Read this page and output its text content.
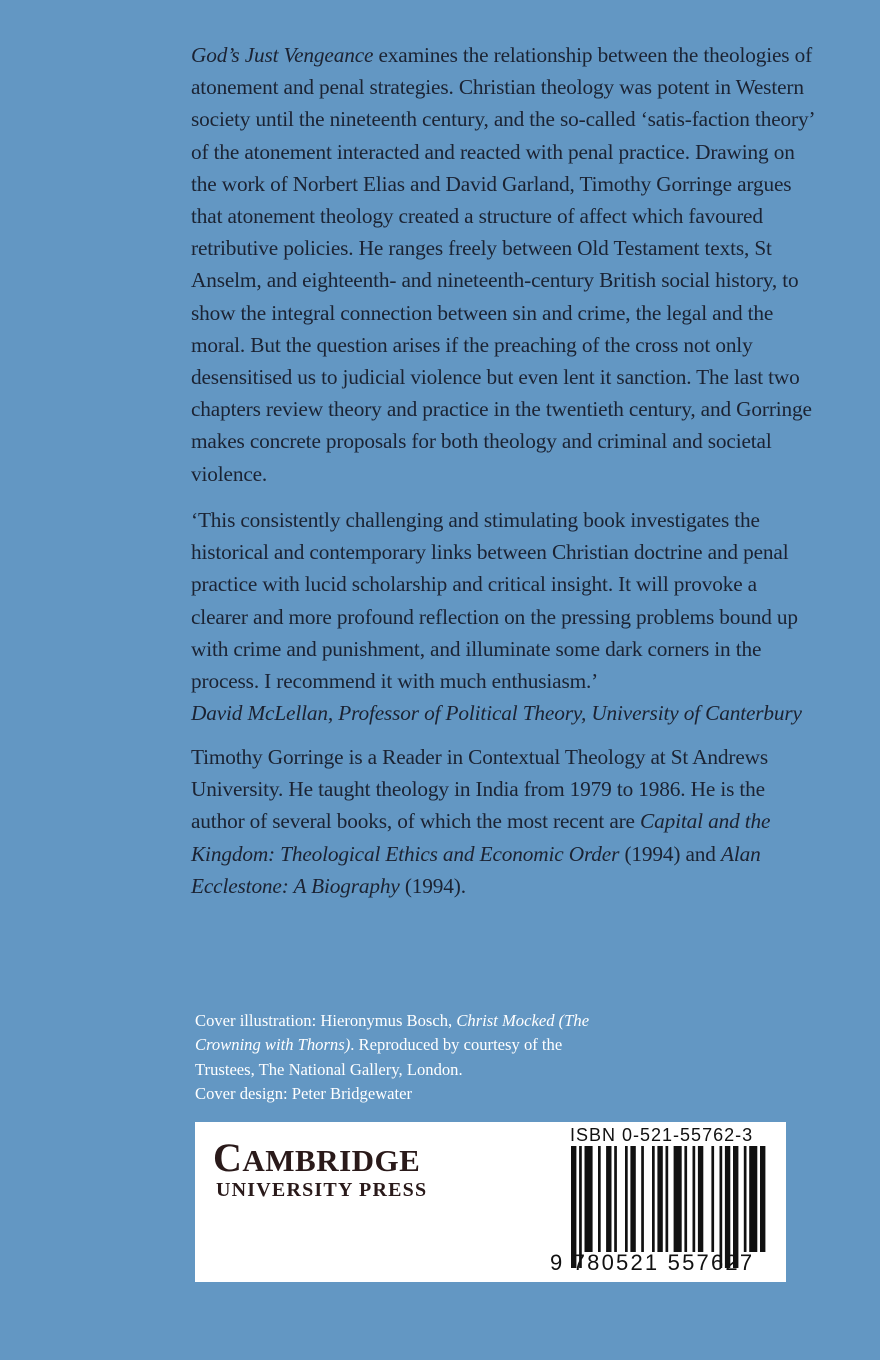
God’s Just Vengeance examines the relationship between the theologies of atonement and penal strategies. Christian theology was potent in Western society until the nineteenth century, and the so-called ‘satis-faction theory’ of the atonement interacted and reacted with penal practice. Drawing on the work of Norbert Elias and David Garland, Timothy Gorringe argues that atonement theology created a structure of affect which favoured retributive policies. He ranges freely between Old Testament texts, St Anselm, and eighteenth- and nineteenth-century British social history, to show the integral connection between sin and crime, the legal and the moral. But the question arises if the preaching of the cross not only desensitised us to judicial violence but even lent it sanction. The last two chapters review theory and practice in the twentieth century, and Gorringe makes concrete proposals for both theology and criminal and societal violence.
‘This consistently challenging and stimulating book investigates the historical and contemporary links between Christian doctrine and penal practice with lucid scholarship and critical insight. It will provoke a clearer and more profound reflection on the pressing problems bound up with crime and punishment, and illuminate some dark corners in the process. I recommend it with much enthusiasm.’
David McLellan, Professor of Political Theory, University of Canterbury
Timothy Gorringe is a Reader in Contextual Theology at St Andrews University. He taught theology in India from 1979 to 1986. He is the author of several books, of which the most recent are Capital and the Kingdom: Theological Ethics and Economic Order (1994) and Alan Ecclestone: A Biography (1994).
Cover illustration: Hieronymus Bosch, Christ Mocked (The Crowning with Thorns). Reproduced by courtesy of the Trustees, The National Gallery, London.
Cover design: Peter Bridgewater
CAMBRIDGE
UNIVERSITY PRESS
ISBN 0-521-55762-3
9 780521 557627
